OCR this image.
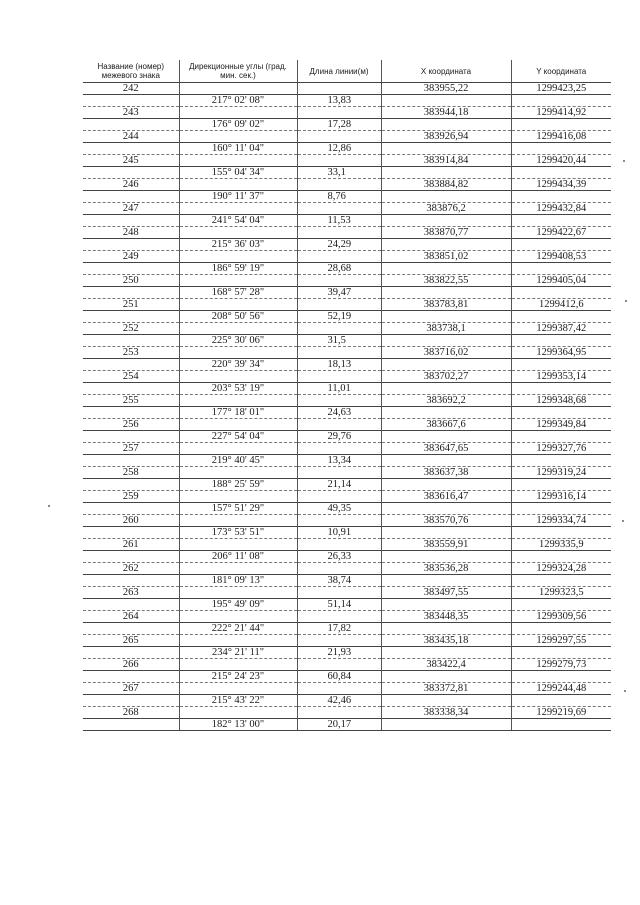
Название (номер) межевого знака	Дирекционные углы (град. мин. сек.)	Длина линии(м)	X координата	Y координата
242			383955,22	1299423,25
	217° 02' 08"	13,83		
243			383944,18	1299414,92
	176° 09' 02"	17,28		
244			383926,94	1299416,08
	160° 11' 04"	12,86		
245			383914,84	1299420,44
	155° 04' 34"	33,1		
246			383884,82	1299434,39
	190° 11' 37"	8,76		
247			383876,2	1299432,84
	241° 54' 04"	11,53		
248			383870,77	1299422,67
	215° 36' 03"	24,29		
249			383851,02	1299408,53
	186° 59' 19"	28,68		
250			383822,55	1299405,04
	168° 57' 28"	39,47		
251			383783,81	1299412,6
	208° 50' 56"	52,19		
252			383738,1	1299387,42
	225° 30' 06"	31,5		
253			383716,02	1299364,95
	220° 39' 34"	18,13		
254			383702,27	1299353,14
	203° 53' 19"	11,01		
255			383692,2	1299348,68
	177° 18' 01"	24,63		
256			383667,6	1299349,84
	227° 54' 04"	29,76		
257			383647,65	1299327,76
	219° 40' 45"	13,34		
258			383637,38	1299319,24
	188° 25' 59"	21,14		
259			383616,47	1299316,14
	157° 51' 29"	49,35		
260			383570,76	1299334,74
	173° 53' 51"	10,91		
261			383559,91	1299335,9
	206° 11' 08"	26,33		
262			383536,28	1299324,28
	181° 09' 13"	38,74		
263			383497,55	1299323,5
	195° 49' 09"	51,14		
264			383448,35	1299309,56
	222° 21' 44"	17,82		
265			383435,18	1299297,55
	234° 21' 11"	21,93		
266			383422,4	1299279,73
	215° 24' 23"	60,84		
267			383372,81	1299244,48
	215° 43' 22"	42,46		
268			383338,34	1299219,69
	182° 13' 00"	20,17		
